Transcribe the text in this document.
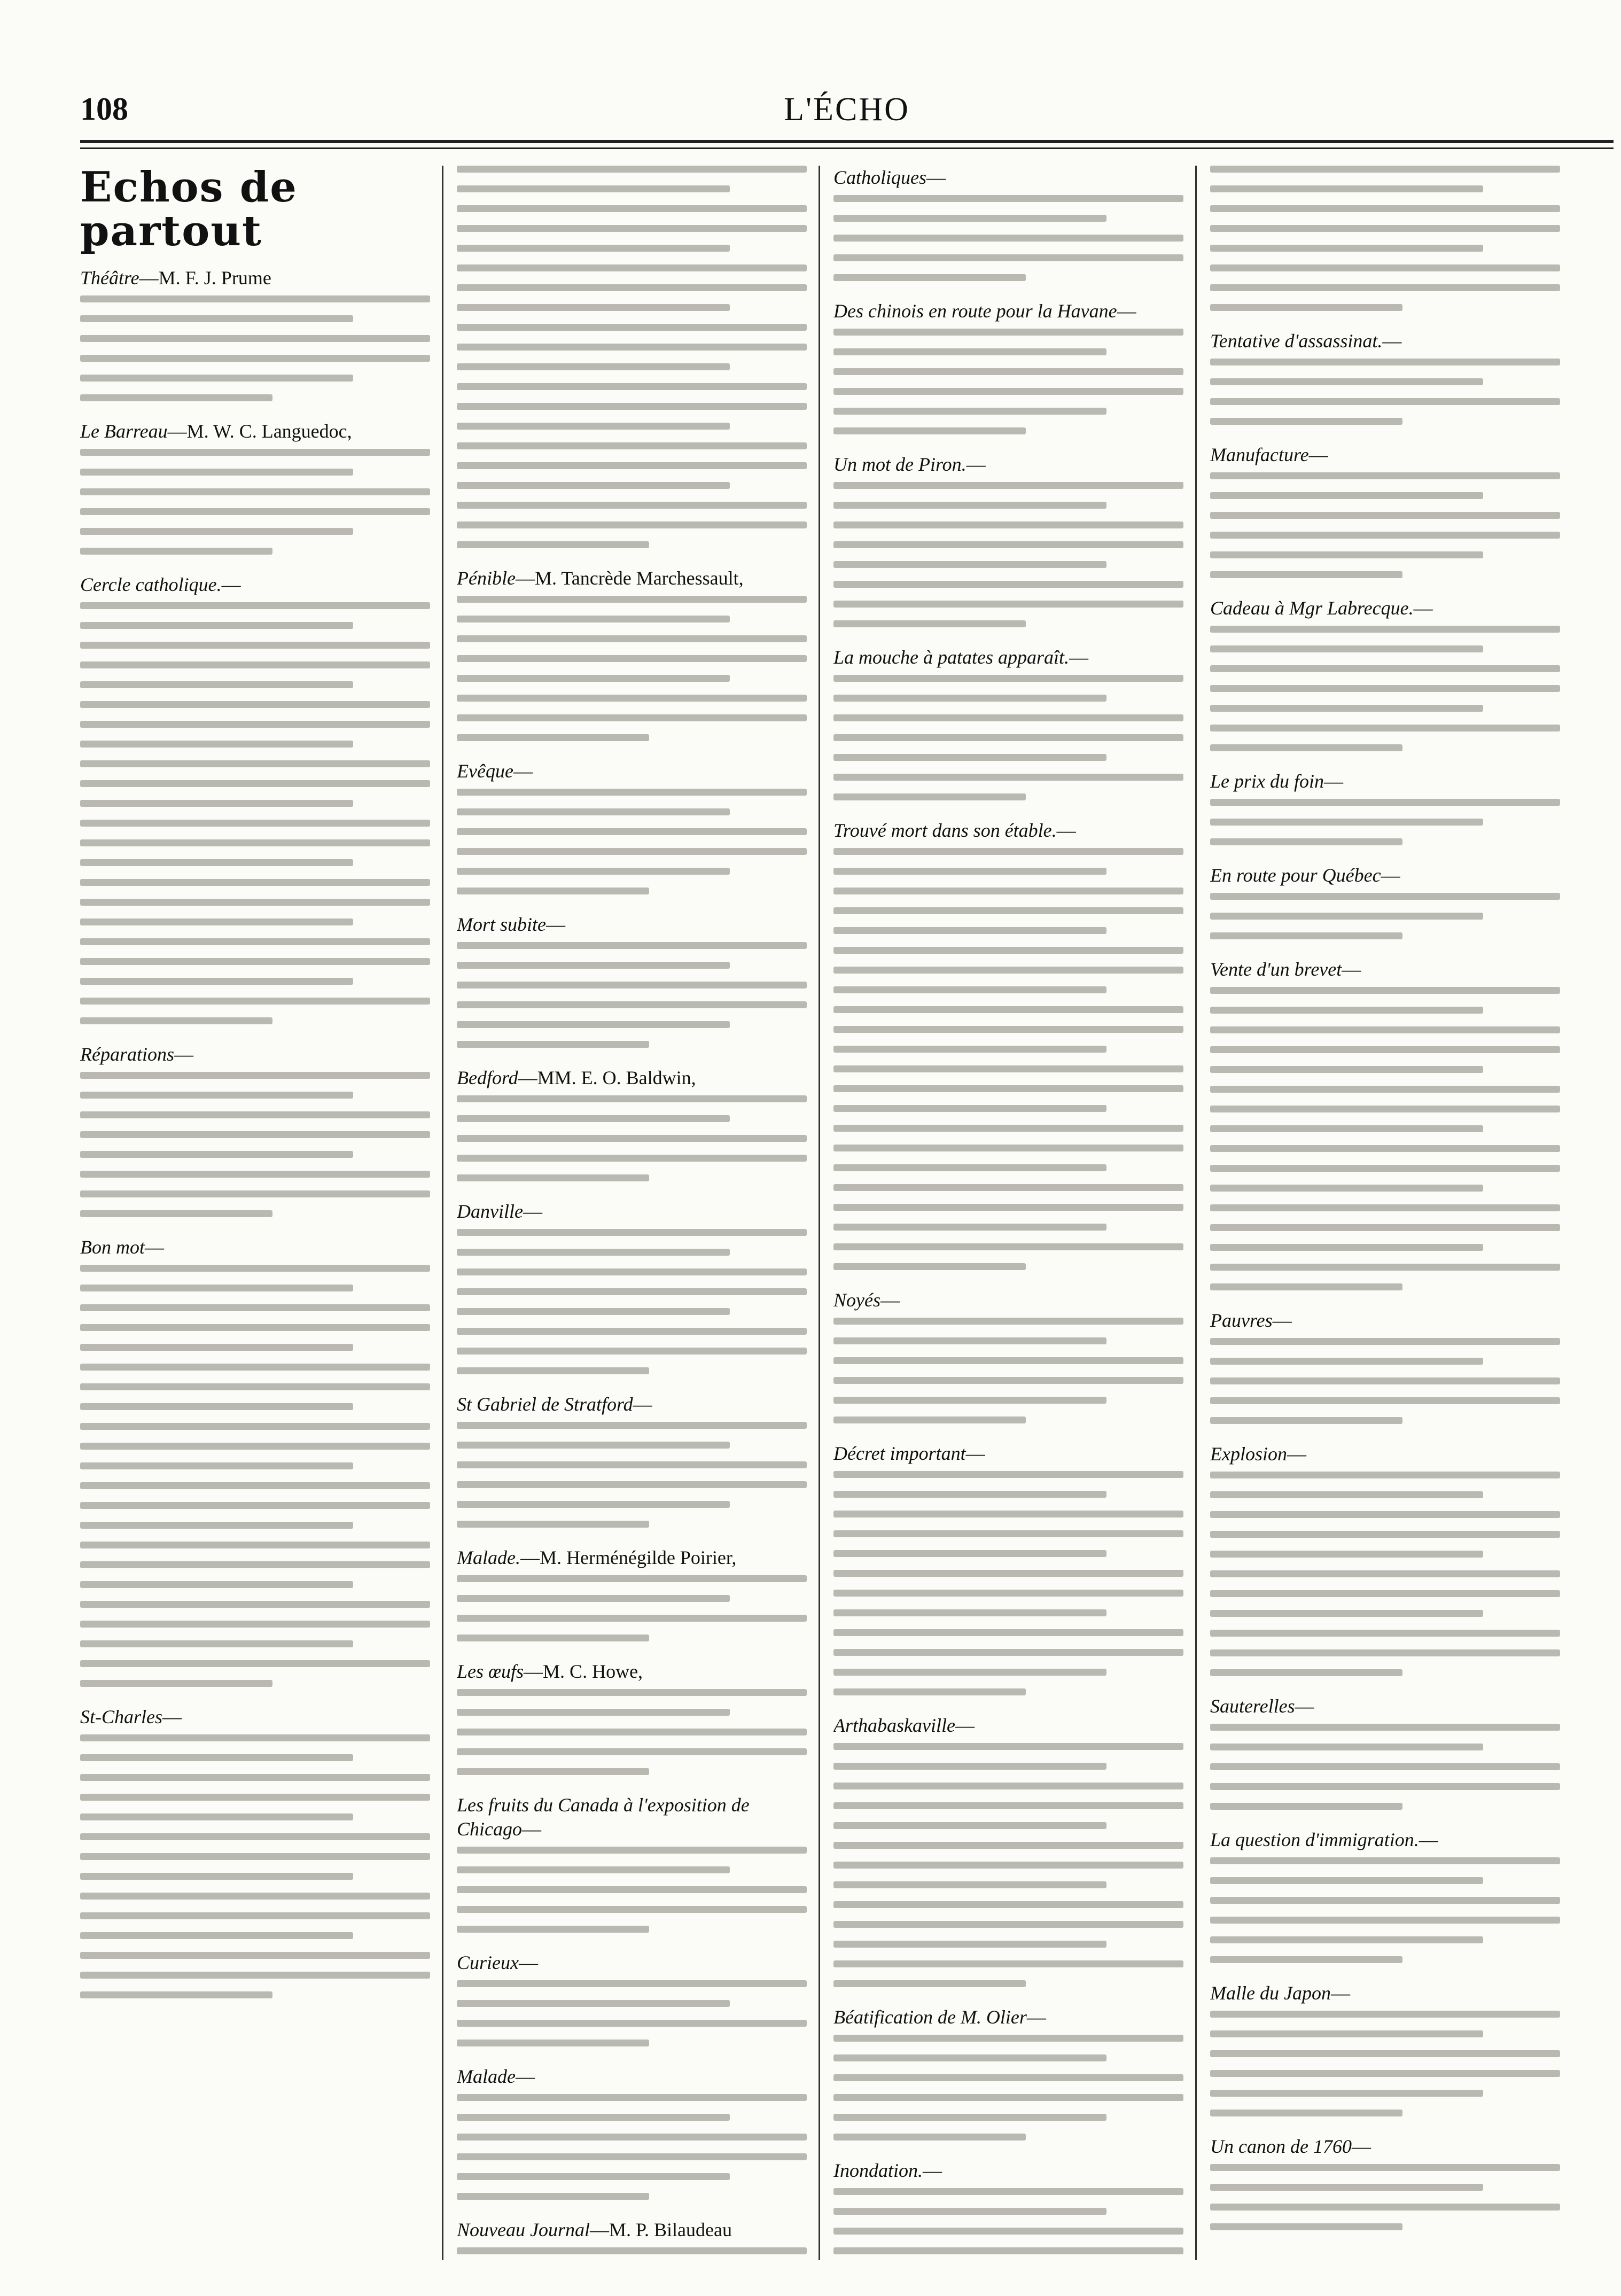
108	L'ÉCHO
Echos de partout
Théâtre—M. F. J. Prume
Le Barreau—M. W. C. Languedoc,
Cercle catholique.—
Réparations—
Bon mot—
St-Charles—
Pénible—M. Tancrède Marchessault,
Evêque—
Mort subite—
Bedford—MM. E. O. Baldwin,
Danville—
St Gabriel de Stratford—
Malade.—M. Herménégilde Poirier,
Les œufs—M. C. Howe,
Les fruits du Canada à l'exposition de Chicago—
Curieux—
Malade—
Nouveau Journal—M. P. Bilaudeau
Catholiques—
Des chinois en route pour la Havane—
Un mot de Piron.—
La mouche à patates apparaît.—
Trouvé mort dans son étable.—
Noyés—
Décret important—
Arthabaskaville—
Béatification de M. Olier—
Inondation.—
Tentative d'assassinat.—
Manufacture—
Cadeau à Mgr Labrecque.—
Le prix du foin—
En route pour Québec—
Vente d'un brevet—
Pauvres—
Explosion—
Sauterelles—
La question d'immigration.—
Malle du Japon—
Un canon de 1760—
